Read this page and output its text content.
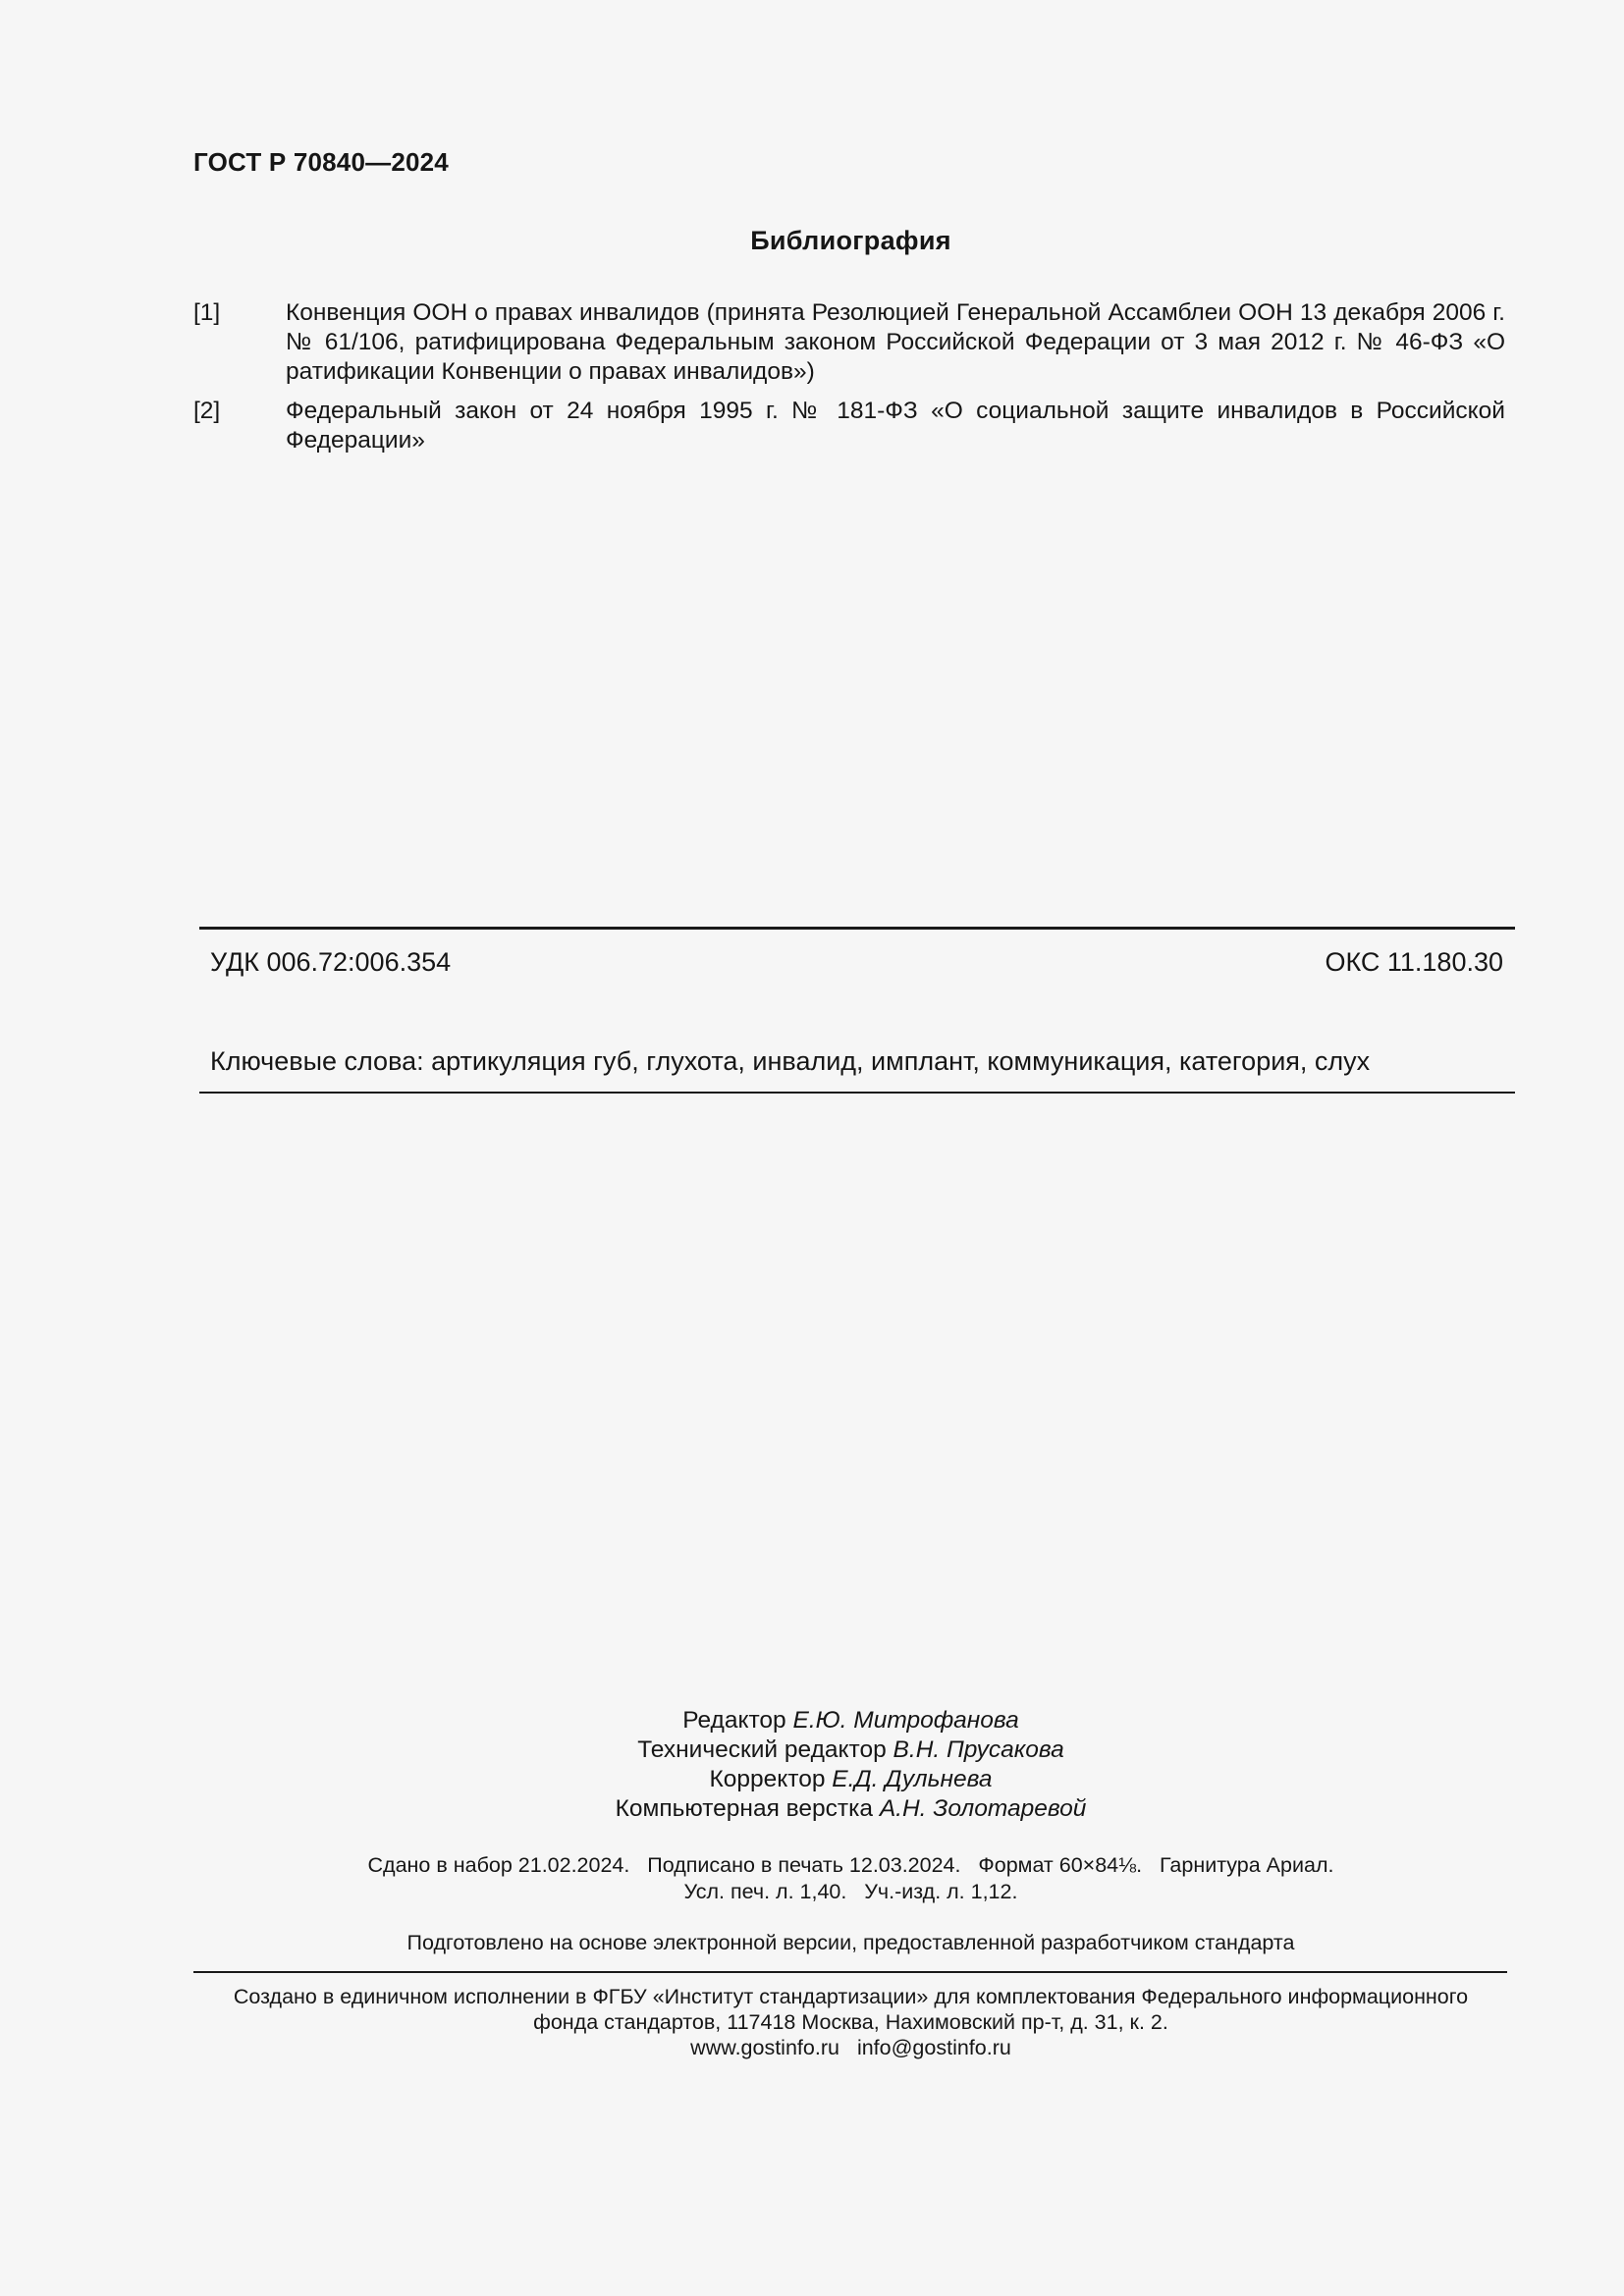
ГОСТ Р 70840—2024
Библиография
[1]	Конвенция ООН о правах инвалидов (принята Резолюцией Генеральной Ассамблеи ООН 13 декабря 2006 г. № 61/106, ратифицирована Федеральным законом Российской Федерации от 3 мая 2012 г. № 46-ФЗ «О ратификации Конвенции о правах инвалидов»)
[2]	Федеральный закон от 24 ноября 1995 г. № 181-ФЗ «О социальной защите инвалидов в Российской Федерации»
УДК 006.72:006.354	ОКС 11.180.30
Ключевые слова: артикуляция губ, глухота, инвалид, имплант, коммуникация, категория, слух
Редактор Е.Ю. Митрофанова
Технический редактор В.Н. Прусакова
Корректор Е.Д. Дульнева
Компьютерная верстка А.Н. Золотаревой
Сдано в набор 21.02.2024.   Подписано в печать 12.03.2024.   Формат 60×84⅛.   Гарнитура Ариал.
Усл. печ. л. 1,40.   Уч.-изд. л. 1,12.
Подготовлено на основе электронной версии, предоставленной разработчиком стандарта
Создано в единичном исполнении в ФГБУ «Институт стандартизации» для комплектования Федерального информационного
фонда стандартов, 117418 Москва, Нахимовский пр-т, д. 31, к. 2.
www.gostinfo.ru info@gostinfo.ru
